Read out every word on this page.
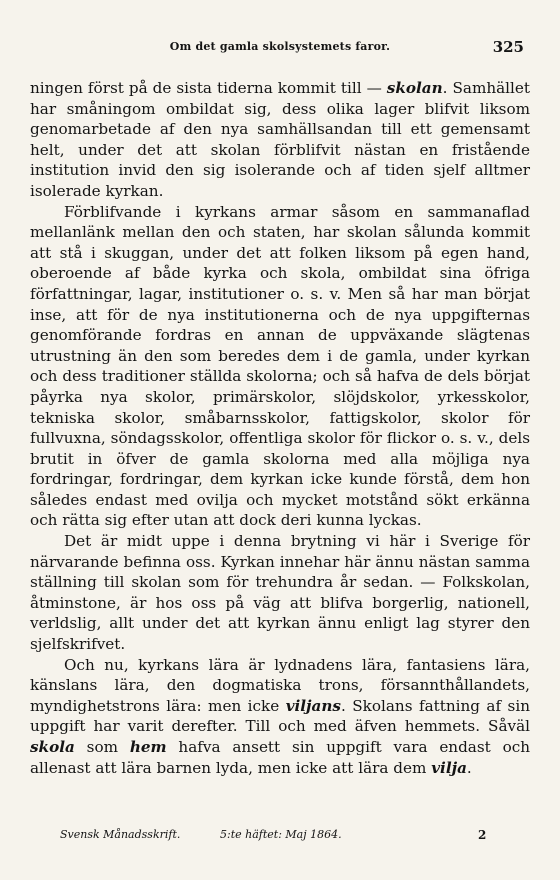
Om det gamla skolsystemets faror.	325

ningen först på de sista tiderna kommit till — skolan. Samhället har småningom ombildat sig, dess olika lager blifvit liksom genomarbetade af den nya samhällsandan till ett gemensamt helt, under det att skolan förblifvit nästan en fristående institution invid den sig isolerande och af tiden sjelf alltmer isolerade kyrkan.

Förblifvande i kyrkans armar såsom en sammanaflad mellanlänk mellan den och staten, har skolan sålunda kommit att stå i skuggan, under det att folken liksom på egen hand, oberoende af både kyrka och skola, ombildat sina öfriga författningar, lagar, institutioner o. s. v. Men så har man börjat inse, att för de nya institutionerna och de nya uppgifternas genomförande fordras en annan de uppväxande slägtenas utrustning än den som beredes dem i de gamla, under kyrkan och dess traditioner ställda skolorna; och så hafva de dels börjat påyrka nya skolor, primärskolor, slöjdskolor, yrkesskolor, tekniska skolor, småbarnsskolor, fattigskolor, skolor för fullvuxna, söndagsskolor, offentliga skolor för flickor o. s. v., dels brutit in öfver de gamla skolorna med alla möjliga nya fordringar, fordringar, dem kyrkan icke kunde förstå, dem hon således endast med ovilja och mycket motstånd sökt erkänna och rätta sig efter utan att dock deri kunna lyckas.

Det är midt uppe i denna brytning vi här i Sverige för närvarande befinna oss. Kyrkan innehar här ännu nästan samma ställning till skolan som för trehundra år sedan. — Folkskolan, åtminstone, är hos oss på väg att blifva borgerlig, nationell, verldslig, allt under det att kyrkan ännu enligt lag styrer den sjelfskrifvet.

Och nu, kyrkans lära är lydnadens lära, fantasiens lära, känslans lära, den dogmatiska trons, försannthållandets, myndighetstrons lära: men icke viljans. Skolans fattning af sin uppgift har varit derefter. Till och med äfven hemmets. Såväl skola som hem hafva ansett sin uppgift vara endast och allenast att lära barnen lyda, men icke att lära dem vilja.

Svensk Månadsskrift.	5:te häftet: Maj 1864.	2
